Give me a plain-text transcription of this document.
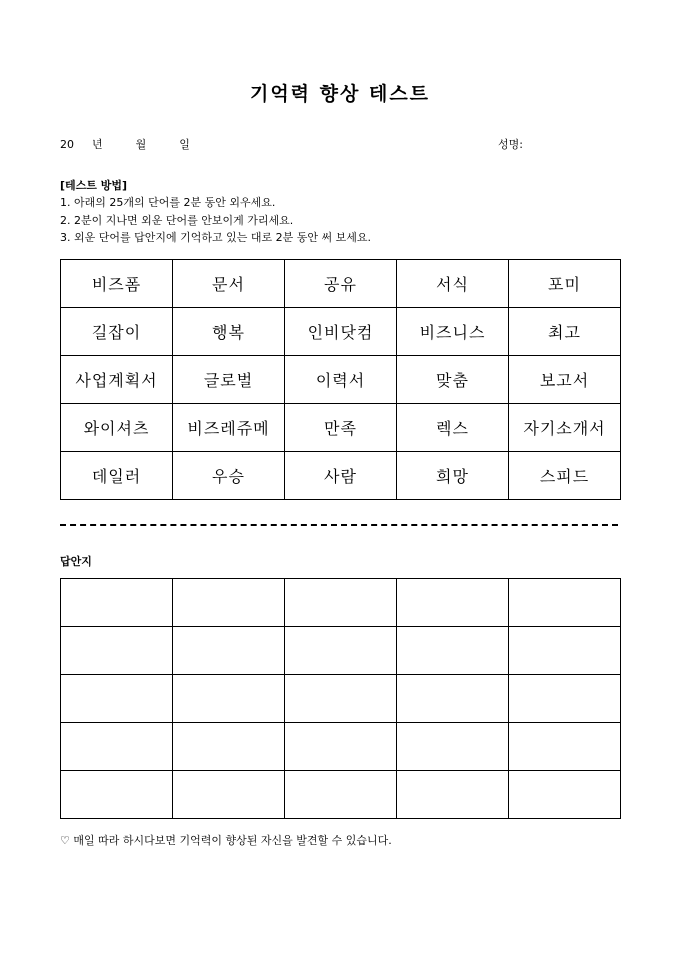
기억력 향상 테스트
20 년	월	일	성명:
[테스트 방법]
1. 아래의 25개의 단어를 2분 동안 외우세요.
2. 2분이 지나면 외운 단어를 안보이게 가리세요.
3. 외운 단어를 답안지에 기억하고 있는 대로 2분 동안 써 보세요.
비즈폼	문서	공유	서식	포미
길잡이	행복	인비닷컴	비즈니스	최고
사업계획서	글로벌	이력서	맞춤	보고서
와이셔츠	비즈레쥬메	만족	렉스	자기소개서
데일러	우승	사람	희망	스피드
답안지

♡ 매일 따라 하시다보면 기억력이 향상된 자신을 발견할 수 있습니다.
